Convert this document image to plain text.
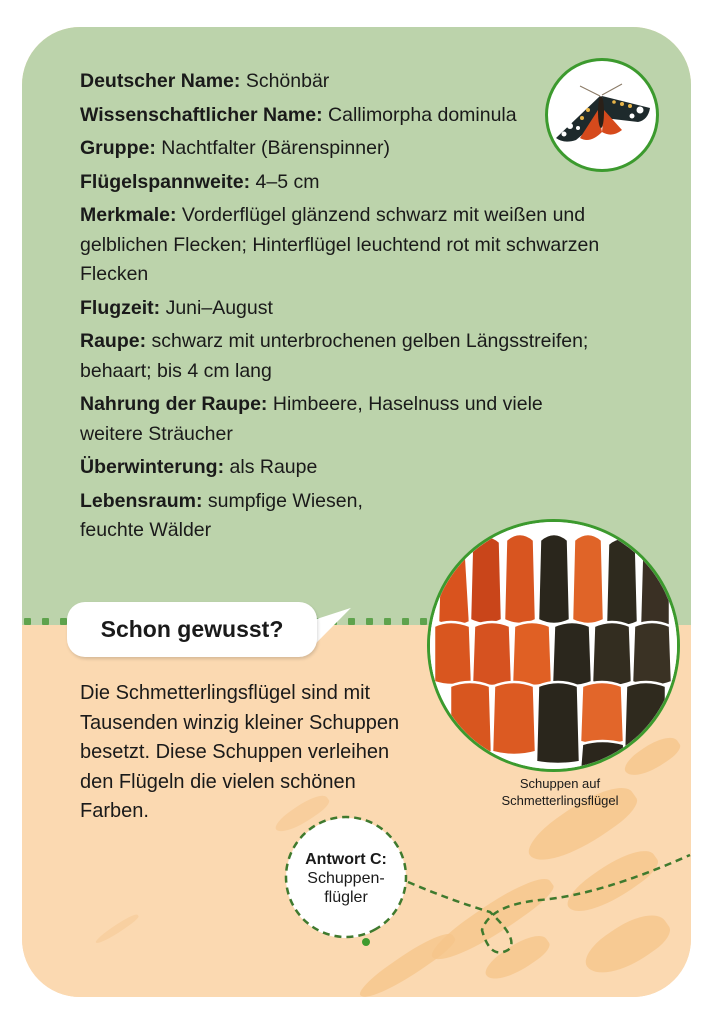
Deutscher Name: Schönbär

Wissenschaftlicher Name: Callimorpha dominula

Gruppe: Nachtfalter (Bärenspinner)

Flügelspannweite: 4–5 cm

Merkmale: Vorderflügel glänzend schwarz mit weißen und gelblichen Flecken; Hinterflügel leuchtend rot mit schwarzen Flecken

Flugzeit: Juni–August

Raupe: schwarz mit unterbrochenen gelben Längsstreifen; behaart; bis 4 cm lang

Nahrung der Raupe: Himbeere, Haselnuss und viele weitere Sträucher

Überwinterung: als Raupe

Lebensraum: sumpfige Wiesen, feuchte Wälder

Schuppen auf
Schmetterlingsflügel
Schon gewusst?
Die Schmetterlingsflügel sind mit Tausenden winzig kleiner Schuppen besetzt. Diese Schuppen verleihen den Flügeln die vielen schönen Farben.
Antwort C:
Schuppen-
flügler
